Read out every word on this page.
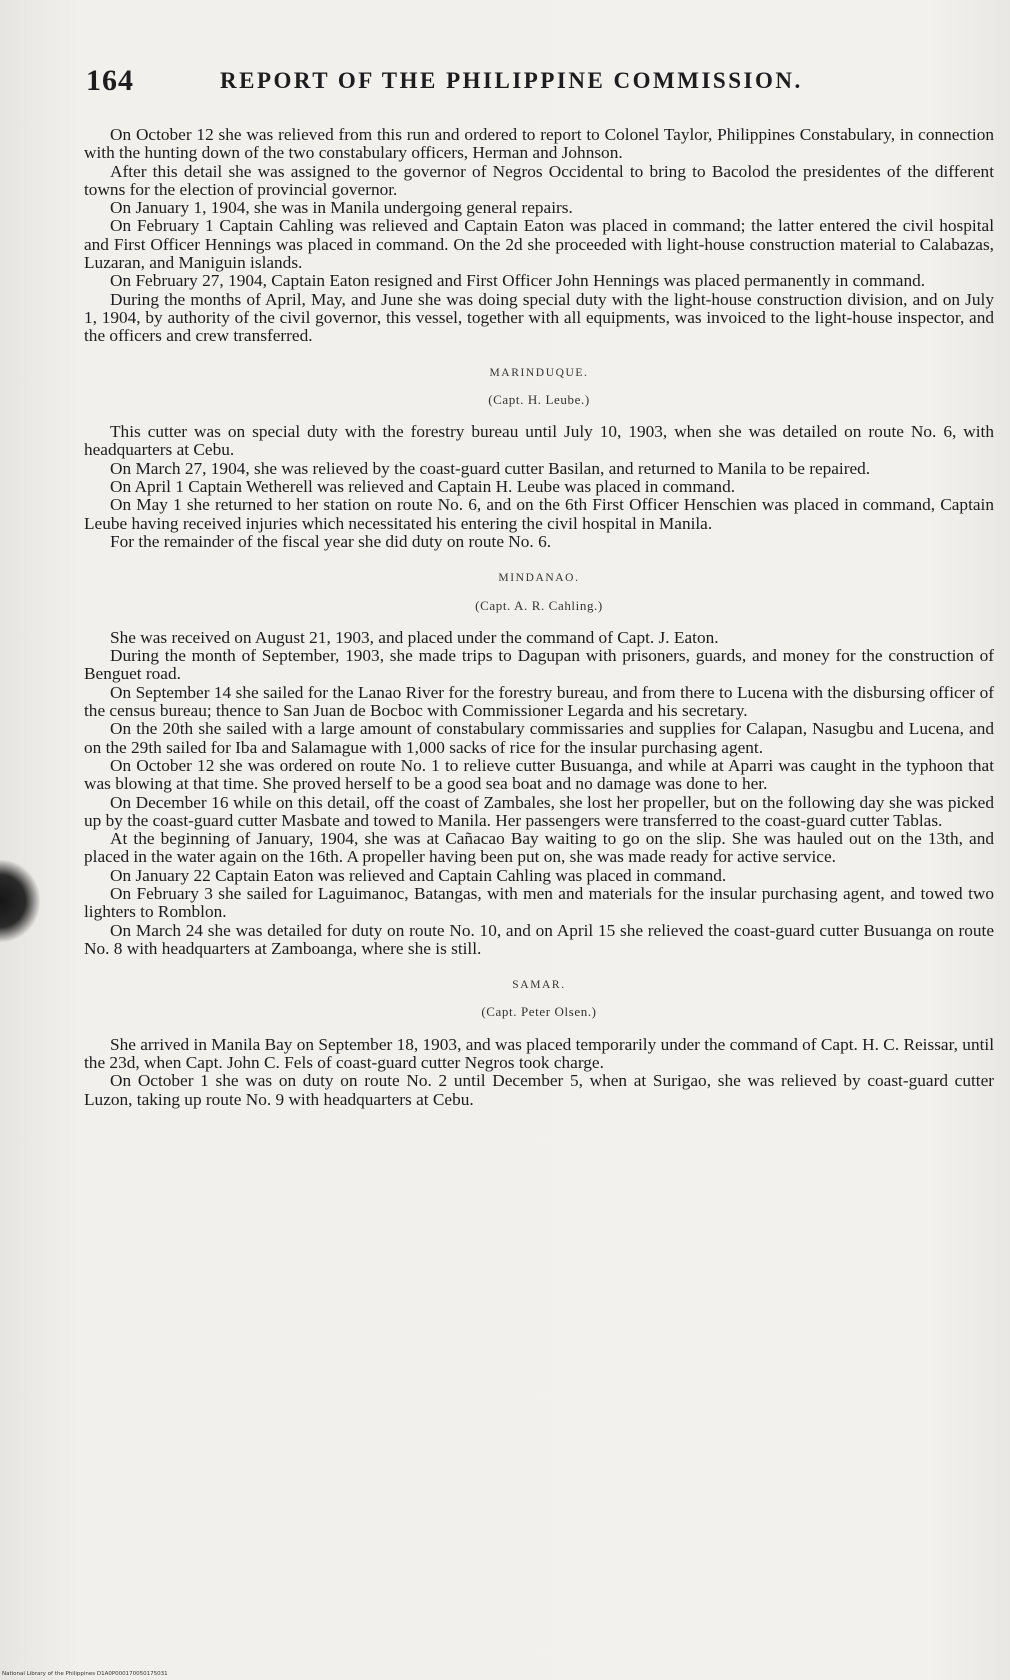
164	REPORT OF THE PHILIPPINE COMMISSION.

On October 12 she was relieved from this run and ordered to report to Colonel Taylor, Philippines Constabulary, in connection with the hunting down of the two constabulary officers, Herman and Johnson.

After this detail she was assigned to the governor of Negros Occidental to bring to Bacolod the presidentes of the different towns for the election of provincial governor.

On January 1, 1904, she was in Manila undergoing general repairs.

On February 1 Captain Cahling was relieved and Captain Eaton was placed in command; the latter entered the civil hospital and First Officer Hennings was placed in command. On the 2d she proceeded with light-house construction material to Calabazas, Luzaran, and Maniguin islands.

On February 27, 1904, Captain Eaton resigned and First Officer John Hennings was placed permanently in command.

During the months of April, May, and June she was doing special duty with the light-house construction division, and on July 1, 1904, by authority of the civil governor, this vessel, together with all equipments, was invoiced to the light-house inspector, and the officers and crew transferred.

MARINDUQUE.
(Capt. H. Leube.)

This cutter was on special duty with the forestry bureau until July 10, 1903, when she was detailed on route No. 6, with headquarters at Cebu.

On March 27, 1904, she was relieved by the coast-guard cutter Basilan, and returned to Manila to be repaired.

On April 1 Captain Wetherell was relieved and Captain H. Leube was placed in command.

On May 1 she returned to her station on route No. 6, and on the 6th First Officer Henschien was placed in command, Captain Leube having received injuries which necessitated his entering the civil hospital in Manila.

For the remainder of the fiscal year she did duty on route No. 6.

MINDANAO.
(Capt. A. R. Cahling.)

She was received on August 21, 1903, and placed under the command of Capt. J. Eaton.

During the month of September, 1903, she made trips to Dagupan with prisoners, guards, and money for the construction of Benguet road.

On September 14 she sailed for the Lanao River for the forestry bureau, and from there to Lucena with the disbursing officer of the census bureau; thence to San Juan de Bocboc with Commissioner Legarda and his secretary.

On the 20th she sailed with a large amount of constabulary commissaries and supplies for Calapan, Nasugbu and Lucena, and on the 29th sailed for Iba and Salamague with 1,000 sacks of rice for the insular purchasing agent.

On October 12 she was ordered on route No. 1 to relieve cutter Busuanga, and while at Aparri was caught in the typhoon that was blowing at that time. She proved herself to be a good sea boat and no damage was done to her.

On December 16 while on this detail, off the coast of Zambales, she lost her propeller, but on the following day she was picked up by the coast-guard cutter Masbate and towed to Manila. Her passengers were transferred to the coast-guard cutter Tablas.

At the beginning of January, 1904, she was at Cañacao Bay waiting to go on the slip. She was hauled out on the 13th, and placed in the water again on the 16th. A propeller having been put on, she was made ready for active service.

On January 22 Captain Eaton was relieved and Captain Cahling was placed in command.

On February 3 she sailed for Laguimanoc, Batangas, with men and materials for the insular purchasing agent, and towed two lighters to Romblon.

On March 24 she was detailed for duty on route No. 10, and on April 15 she relieved the coast-guard cutter Busuanga on route No. 8 with headquarters at Zamboanga, where she is still.

SAMAR.
(Capt. Peter Olsen.)

She arrived in Manila Bay on September 18, 1903, and was placed temporarily under the command of Capt. H. C. Reissar, until the 23d, when Capt. John C. Fels of coast-guard cutter Negros took charge.

On October 1 she was on duty on route No. 2 until December 5, when at Surigao, she was relieved by coast-guard cutter Luzon, taking up route No. 9 with headquarters at Cebu.

National Library of the Philippines D1A0P000170050175031
